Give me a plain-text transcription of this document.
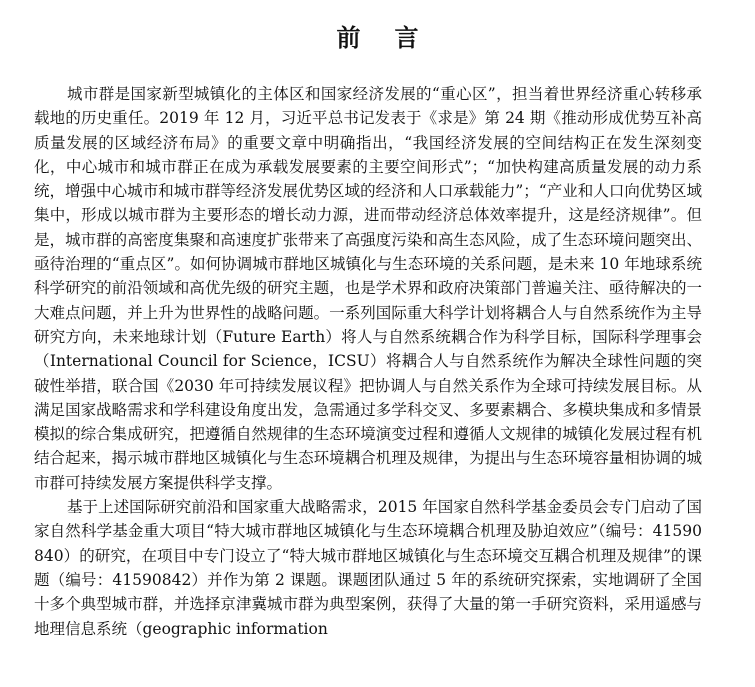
前言

城市群是国家新型城镇化的主体区和国家经济发展的“重心区”，担当着世界经济重心转移承载地的历史重任。2019 年 12 月，习近平总书记发表于《求是》第 24 期《推动形成优势互补高质量发展的区域经济布局》的重要文章中明确指出，“我国经济发展的空间结构正在发生深刻变化，中心城市和城市群正在成为承载发展要素的主要空间形式”；“加快构建高质量发展的动力系统，增强中心城市和城市群等经济发展优势区域的经济和人口承载能力”；“产业和人口向优势区域集中，形成以城市群为主要形态的增长动力源，进而带动经济总体效率提升，这是经济规律”。但是，城市群的高密度集聚和高速度扩张带来了高强度污染和高生态风险，成了生态环境问题突出、亟待治理的“重点区”。如何协调城市群地区城镇化与生态环境的关系问题，是未来 10 年地球系统科学研究的前沿领域和高优先级的研究主题，也是学术界和政府决策部门普遍关注、亟待解决的一大难点问题，并上升为世界性的战略问题。一系列国际重大科学计划将耦合人与自然系统作为主导研究方向，未来地球计划（Future Earth）将人与自然系统耦合作为科学目标，国际科学理事会（International Council for Science，ICSU）将耦合人与自然系统作为解决全球性问题的突破性举措，联合国《2030 年可持续发展议程》把协调人与自然关系作为全球可持续发展目标。从满足国家战略需求和学科建设角度出发，急需通过多学科交叉、多要素耦合、多模块集成和多情景模拟的综合集成研究，把遵循自然规律的生态环境演变过程和遵循人文规律的城镇化发展过程有机结合起来，揭示城市群地区城镇化与生态环境耦合机理及规律，为提出与生态环境容量相协调的城市群可持续发展方案提供科学支撑。

基于上述国际研究前沿和国家重大战略需求，2015 年国家自然科学基金委员会专门启动了国家自然科学基金重大项目“特大城市群地区城镇化与生态环境耦合机理及胁迫效应”（编号：41590840）的研究，在项目中专门设立了“特大城市群地区城镇化与生态环境交互耦合机理及规律”的课题（编号：41590842）并作为第 2 课题。课题团队通过 5 年的系统研究探索，实地调研了全国十多个典型城市群，并选择京津冀城市群为典型案例，获得了大量的第一手研究资料，采用遥感与地理信息系统（geographic information
